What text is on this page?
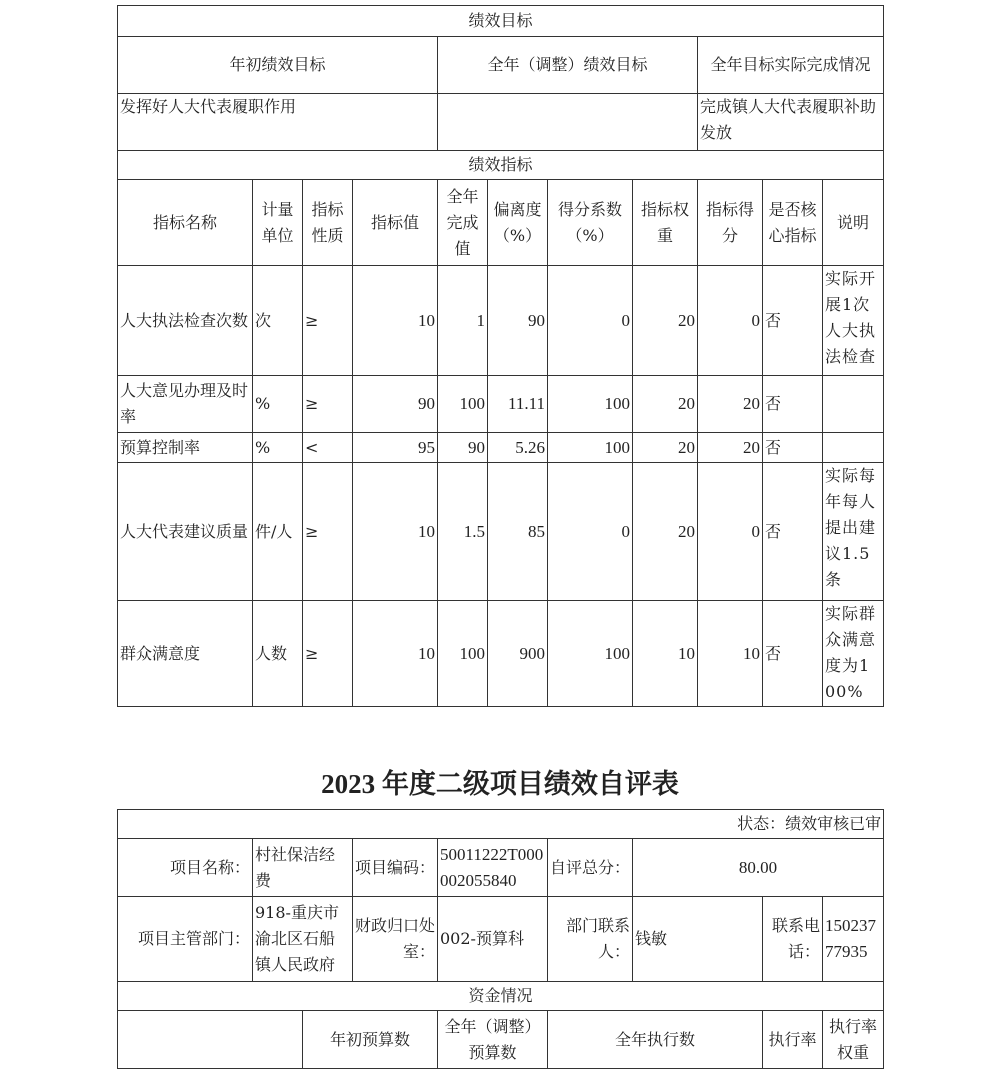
绩效目标										
年初绩效目标				全年（调整）绩效目标				全年目标实际完成情况		
发挥好人大代表履职作用								完成镇人大代表履职补助发放		
绩效指标										
指标名称	计量单位	指标性质	指标值	全年完成值	偏离度（%）	得分系数（%）	指标权重	指标得分	是否核心指标	说明
人大执法检查次数	次	≥	10	1	90	0	20	0	否	实际开展1次人大执法检查
人大意见办理及时率	%	≥	90	100	11.11	100	20	20	否	
预算控制率	%	<	95	90	5.26	100	20	20	否	
人大代表建议质量	件/人	≥	10	1.5	85	0	20	0	否	实际每年每人提出建议1.5条
群众满意度	人数	≥	10	100	900	100	10	10	否	实际群众满意度为100%
2023 年度二级项目绩效自评表
状态：绩效审核已审								
项目名称：	村社保洁经费		项目编码：	50011222T000002055840	自评总分：	80.00		
项目主管部门：	918-重庆市渝北区石船镇人民政府		财政归口处室：	002-预算科	部门联系人：	钱敏	联系电话：	15023777935
资金情况								
		年初预算数		全年（调整）预算数	全年执行数		执行率	执行率权重
